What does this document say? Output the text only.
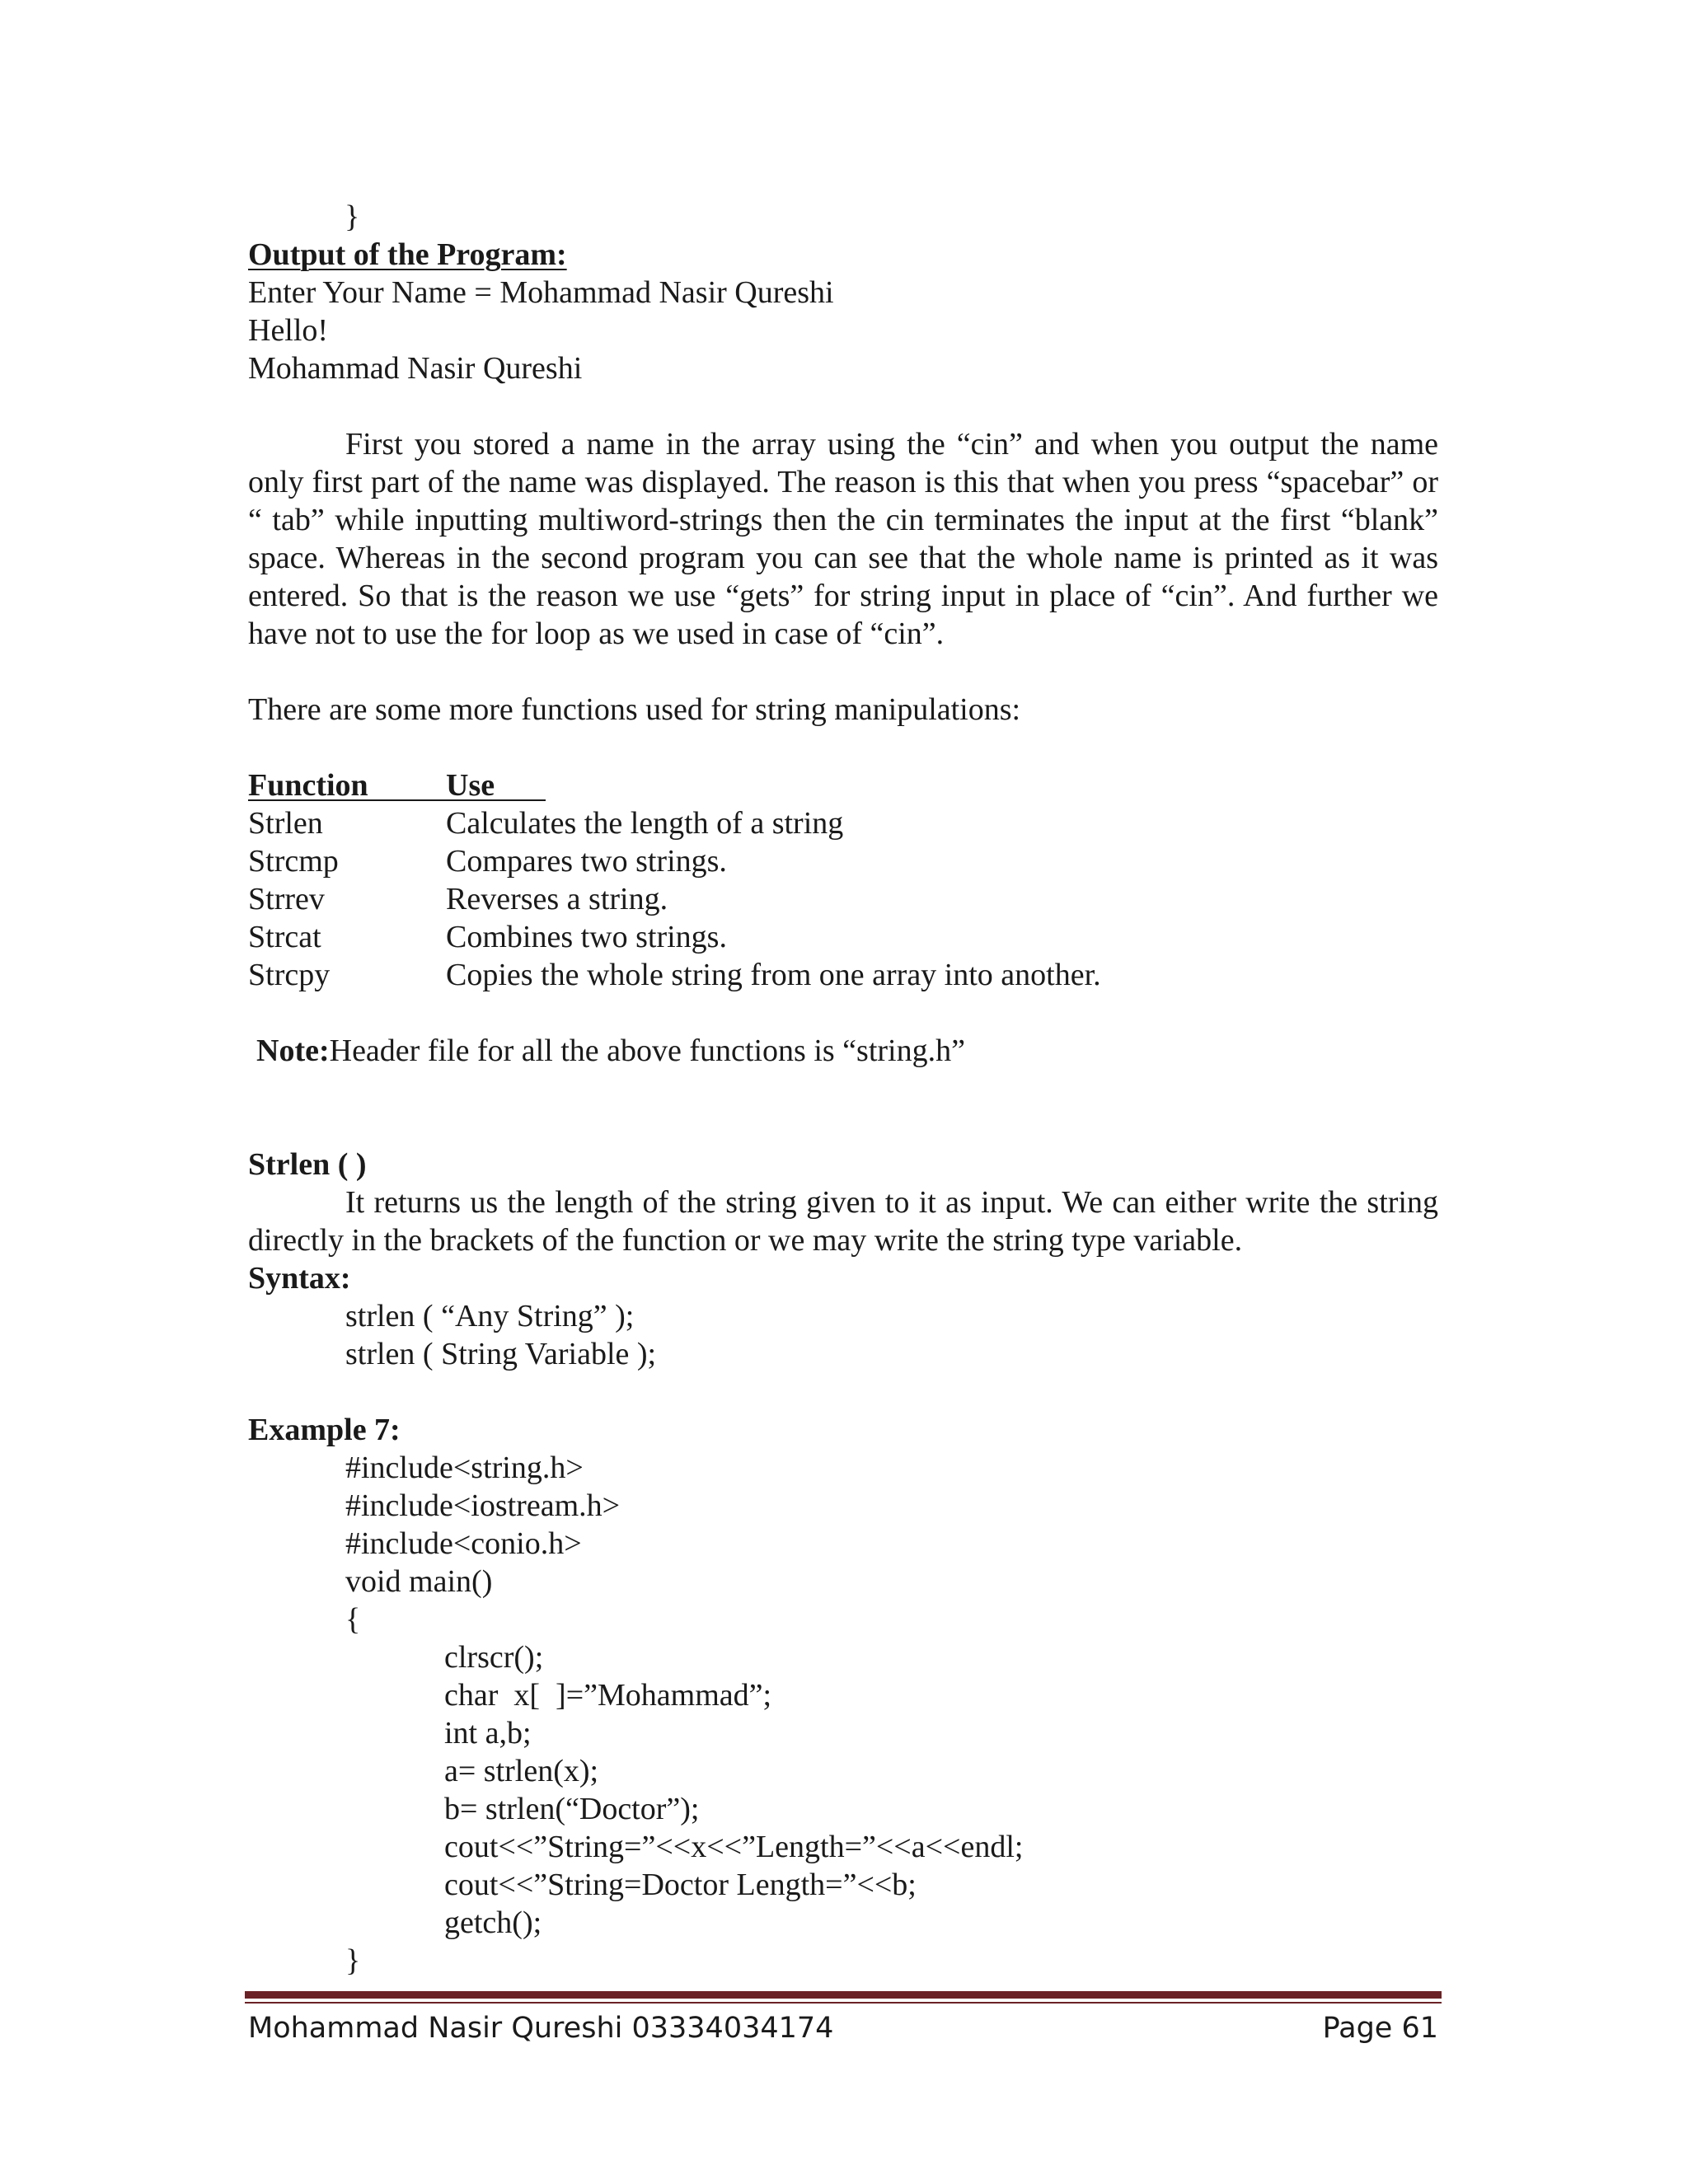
}
Output of the Program:
Enter Your Name = Mohammad Nasir Qureshi
Hello!
Mohammad Nasir Qureshi
First you stored a name in the array using the “cin” and when you output the name only first part of the name was displayed. The reason is this that when you press “spacebar” or “ tab” while inputting multiword-strings then the cin terminates the input at the first “blank” space. Whereas in the second program you can see that the whole name is printed as it was entered. So that is the reason we use “gets” for string input in place of “cin”. And further we have not to use the for loop as we used in case of “cin”.
There are some more functions used for string manipulations:
Function Use
Strlen	Calculates the length of a string
Strcmp	Compares two strings.
Strrev	Reverses a string.
Strcat	Combines two strings.
Strcpy	Copies the whole string from one array into another.
Note:Header file for all the above functions is “string.h”
Strlen ( )
It returns us the length of the string given to it as input. We can either write the string directly in the brackets of the function or we may write the string type variable.
Syntax:
strlen ( “Any String” );
strlen ( String Variable );
Example 7:
#include<string.h>
#include<iostream.h>
#include<conio.h>
void main()
{
clrscr();
char  x[  ]=”Mohammad”;
int a,b;
a= strlen(x);
b= strlen(“Doctor”);
cout<<”String=”<<x<<”Length=”<<a<<endl;
cout<<”String=Doctor Length=”<<b;
getch();
}
Mohammad Nasir Qureshi 03334034174	Page 61
